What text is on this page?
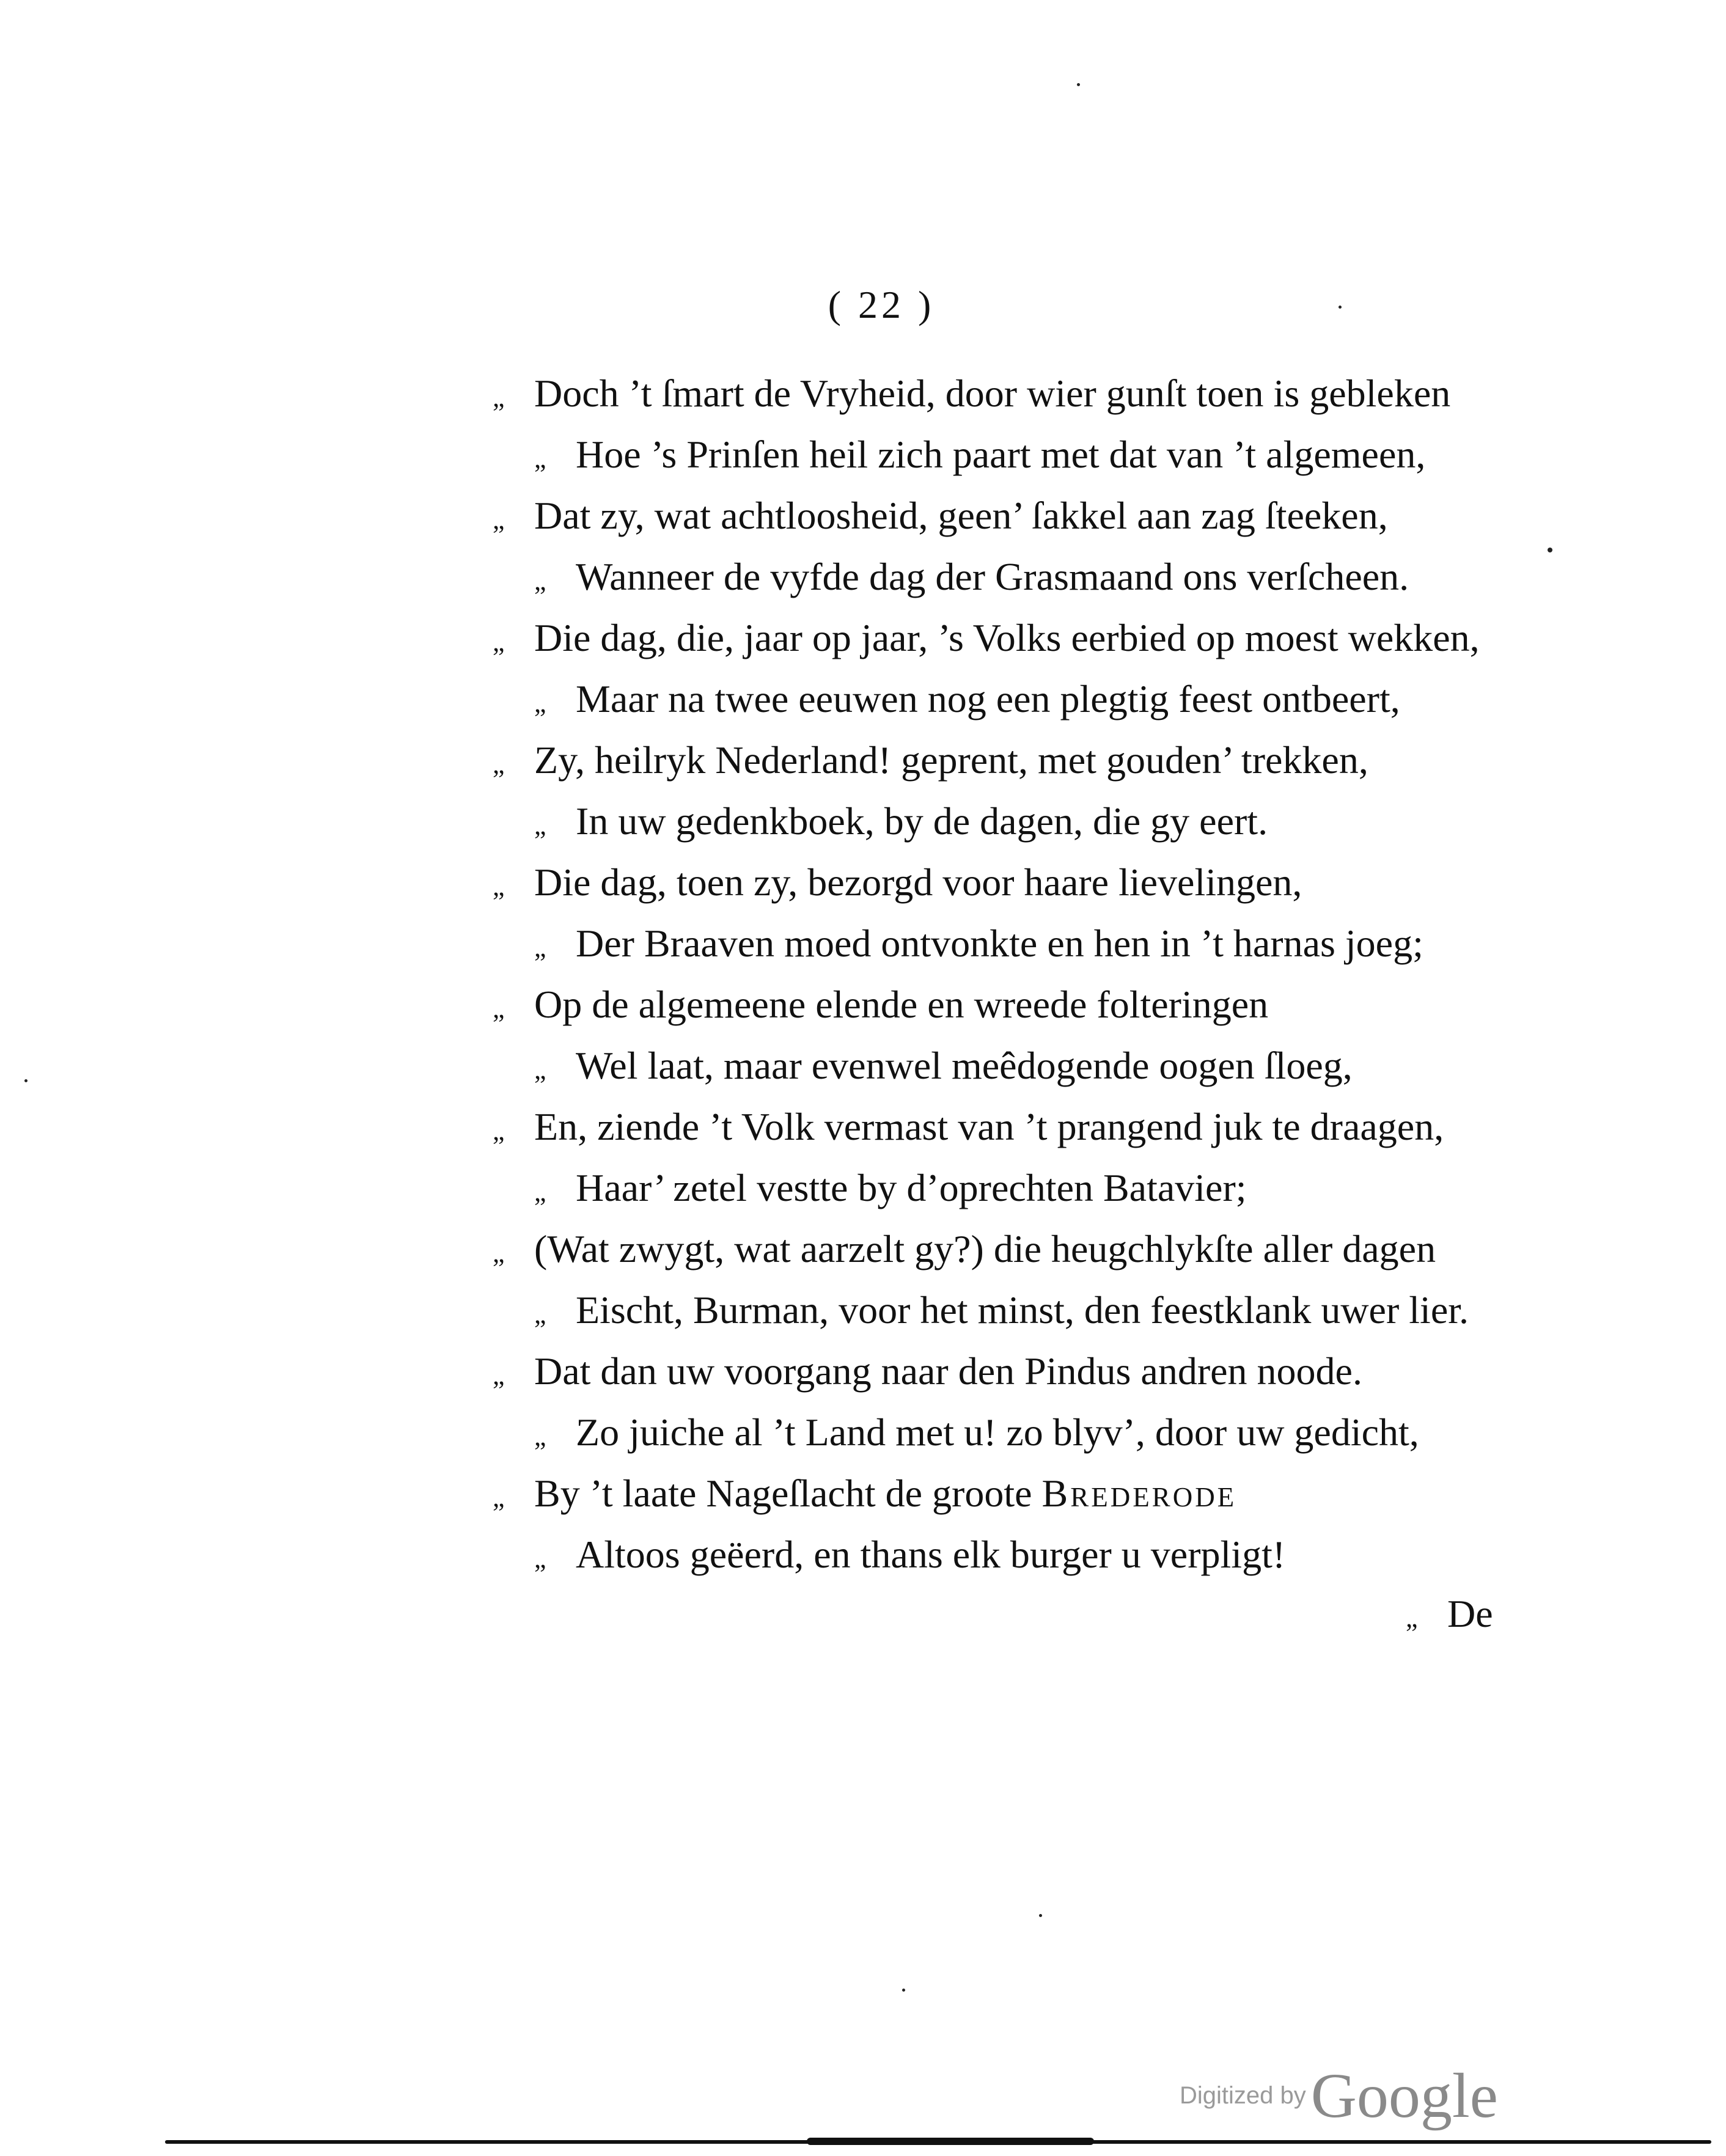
( 22 )
„ Doch ’t ſmart de Vryheid, door wier gunſt toen is gebleken
„ Hoe ’s Prinſen heil zich paart met dat van ’t algemeen,
„ Dat zy, wat achtloosheid, geen’ ſakkel aan zag ſteeken,
„ Wanneer de vyfde dag der Grasmaand ons verſcheen.
„ Die dag, die, jaar op jaar, ’s Volks eerbied op moest wekken,
„ Maar na twee eeuwen nog een plegtig feest ontbeert,
„ Zy, heilryk Nederland! geprent, met gouden’ trekken,
„ In uw gedenkboek, by de dagen, die gy eert.
„ Die dag, toen zy, bezorgd voor haare lievelingen,
„ Der Braaven moed ontvonkte en hen in ’t harnas joeg;
„ Op de algemeene elende en wreede folteringen
„ Wel laat, maar evenwel meêdogende oogen ſloeg,
„ En, ziende ’t Volk vermast van ’t prangend juk te draagen,
„ Haar’ zetel vestte by d’oprechten Batavier;
„ (Wat zwygt, wat aarzelt gy?) die heugchlykſte aller dagen
„ Eischt, Burman, voor het minst, den feestklank uwer lier.
„ Dat dan uw voorgang naar den Pindus andren noode.
„ Zo juiche al ’t Land met u! zo blyv’, door uw gedicht,
„ By ’t laate Nageſlacht de groote Brederode
„ Altoos geëerd, en thans elk burger u verpligt!
„ De
Digitized byGoogle
